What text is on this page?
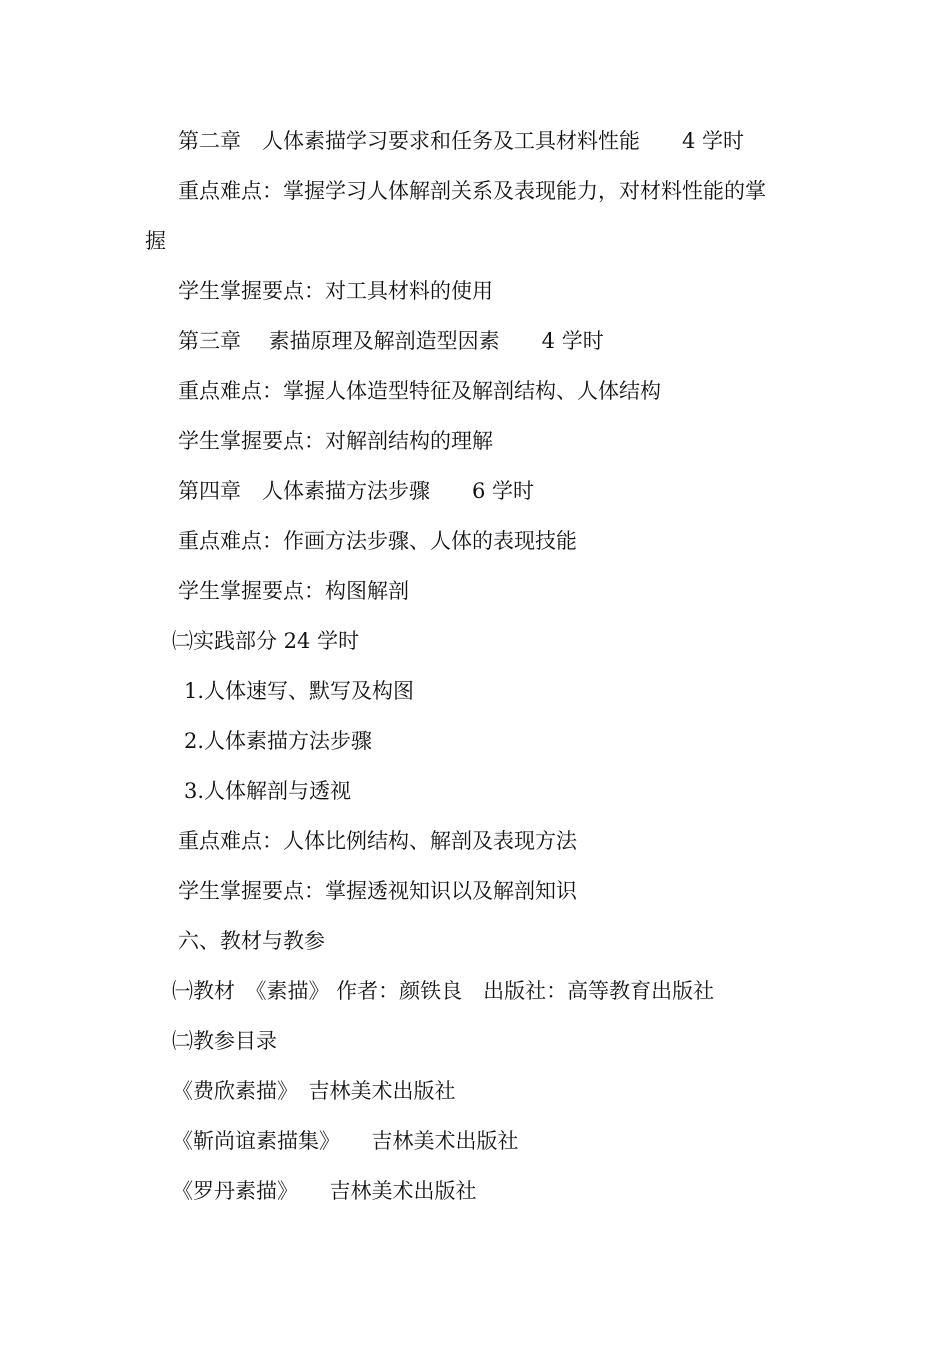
第二章　人体素描学习要求和任务及工具材料性能　　4 学时
重点难点：掌握学习人体解剖关系及表现能力，对材料性能的掌
握
学生掌握要点：对工具材料的使用
第三章　 素描原理及解剖造型因素　　4 学时
重点难点：掌握人体造型特征及解剖结构、人体结构
学生掌握要点：对解剖结构的理解
第四章　人体素描方法步骤　　6 学时
重点难点：作画方法步骤、人体的表现技能
学生掌握要点：构图解剖
㈡实践部分 24 学时
1.人体速写、默写及构图
2.人体素描方法步骤
3.人体解剖与透视
重点难点：人体比例结构、解剖及表现方法
学生掌握要点：掌握透视知识以及解剖知识
六、教材与教参
㈠教材　《素描》 作者：颜铁良　出版社：高等教育出版社
㈡教参目录
《费欣素描》　吉林美术出版社
《靳尚谊素描集》　　吉林美术出版社
《罗丹素描》　　吉林美术出版社
